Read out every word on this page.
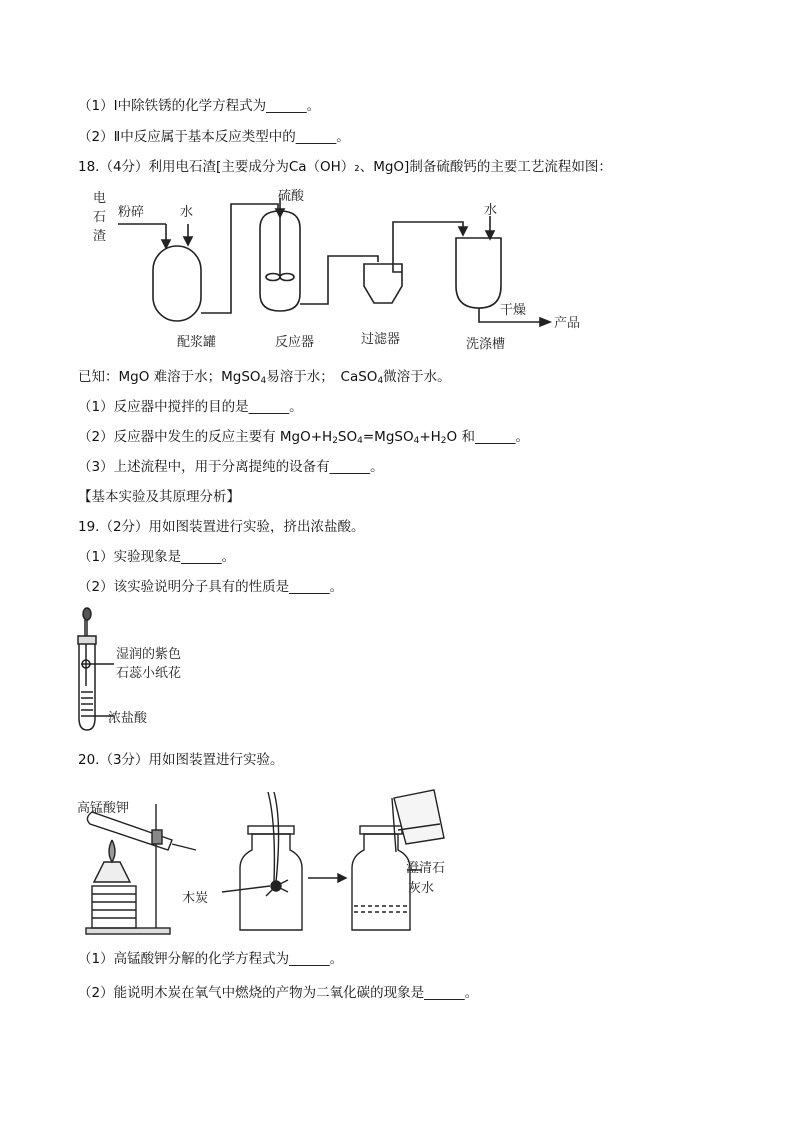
（1）Ⅰ中除铁锈的化学方程式为______。
（2）Ⅱ中反应属于基本反应类型中的______。
18.（4分）利用电石渣[主要成分为Ca（OH）₂、MgO]制备硫酸钙的主要工艺流程如图：
电
石
渣
粉碎	水
硫酸
水
配浆罐	反应器	过滤器	洗涤槽
干燥
产品
已知：MgO 难溶于水；MgSO$_4$易溶于水；　CaSO$_4$微溶于水。
（1）反应器中搅拌的目的是______。
（2）反应器中发生的反应主要有 $MgO+H_2SO_4=MgSO_4+H_2O$ 和______。
（3）上述流程中，用于分离提纯的设备有______。
【基本实验及其原理分析】
19.（2分）用如图装置进行实验，挤出浓盐酸。
（1）实验现象是______。
（2）该实验说明分子具有的性质是______。
湿润的紫色
石蕊小纸花
浓盐酸
20.（3分）用如图装置进行实验。
高锰酸钾
木炭
澄清石
灰水
（1）高锰酸钾分解的化学方程式为______。
（2）能说明木炭在氧气中燃烧的产物为二氧化碳的现象是______。
